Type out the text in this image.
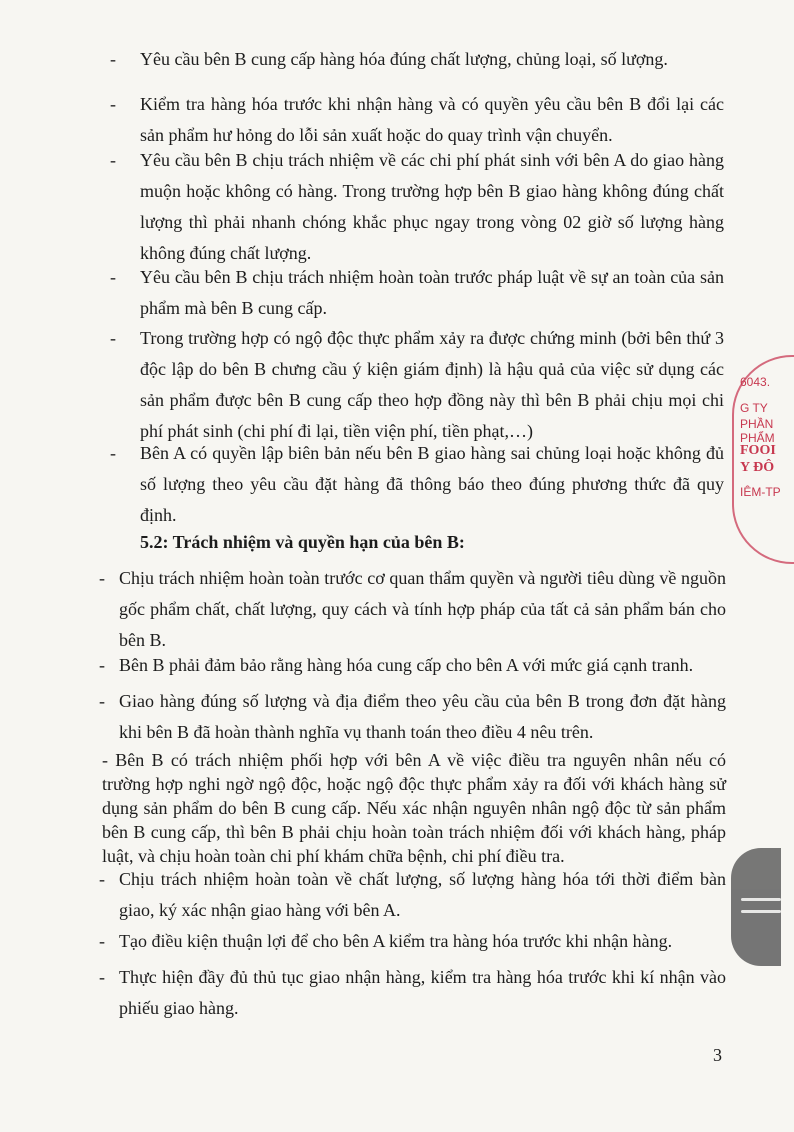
-	Yêu cầu bên B cung cấp hàng hóa đúng chất lượng, chủng loại, số lượng.
-	Kiểm tra hàng hóa trước khi nhận hàng và có quyền yêu cầu bên B đổi lại các sản phẩm hư hỏng do lỗi sản xuất hoặc do quay trình vận chuyển.
-	Yêu cầu bên B chịu trách nhiệm về các chi phí phát sinh với bên A do giao hàng muộn hoặc không có hàng. Trong trường hợp bên B giao hàng không đúng chất lượng thì phải nhanh chóng khắc phục ngay trong vòng 02 giờ số lượng hàng không đúng chất lượng.
-	Yêu cầu bên B chịu trách nhiệm hoàn toàn trước pháp luật về sự an toàn của sản phẩm mà bên B cung cấp.
-	Trong trường hợp có ngộ độc thực phẩm xảy ra được chứng minh (bởi bên thứ 3 độc lập do bên B chưng cầu ý kiện giám định) là hậu quả của việc sử dụng các sản phẩm được bên B cung cấp theo hợp đồng này thì bên B phải chịu mọi chi phí phát sinh (chi phí đi lại, tiền viện phí, tiền phạt,…)
-	Bên A có quyền lập biên bản nếu bên B giao hàng sai chủng loại hoặc không đủ số lượng theo yêu cầu đặt hàng đã thông báo theo đúng phương thức đã quy định.
5.2: Trách nhiệm và quyền hạn của bên B:
- Chịu trách nhiệm hoàn toàn trước cơ quan thẩm quyền và người tiêu dùng về nguồn gốc phẩm chất, chất lượng, quy cách và tính hợp pháp của tất cả sản phẩm bán cho bên B.
- Bên B phải đảm bảo rằng hàng hóa cung cấp cho bên A với mức giá cạnh tranh.
- Giao hàng đúng số lượng và địa điểm theo yêu cầu của bên B trong đơn đặt hàng khi bên B đã hoàn thành nghĩa vụ thanh toán theo điều 4 nêu trên.
- Bên B có trách nhiệm phối hợp với bên A về việc điều tra nguyên nhân nếu có trường hợp nghi ngờ ngộ độc, hoặc ngộ độc thực phẩm xảy ra đối với khách hàng sử dụng sản phẩm do bên B cung cấp. Nếu xác nhận nguyên nhân ngộ độc từ sản phẩm bên B cung cấp, thì bên B phải chịu hoàn toàn trách nhiệm đối với khách hàng, pháp luật, và chịu hoàn toàn chi phí khám chữa bệnh, chi phí điều tra.
- Chịu trách nhiệm hoàn toàn về chất lượng, số lượng hàng hóa tới thời điểm bàn giao, ký xác nhận giao hàng với bên A.
- Tạo điều kiện thuận lợi để cho bên A kiểm tra hàng hóa trước khi nhận hàng.
- Thực hiện đầy đủ thủ tục giao nhận hàng, kiểm tra hàng hóa trước khi kí nhận vào phiếu giao hàng.
3
6043.
G TY
PHẦN
PHẨM
FOOI
Y ĐÔ
IÊM-TP
